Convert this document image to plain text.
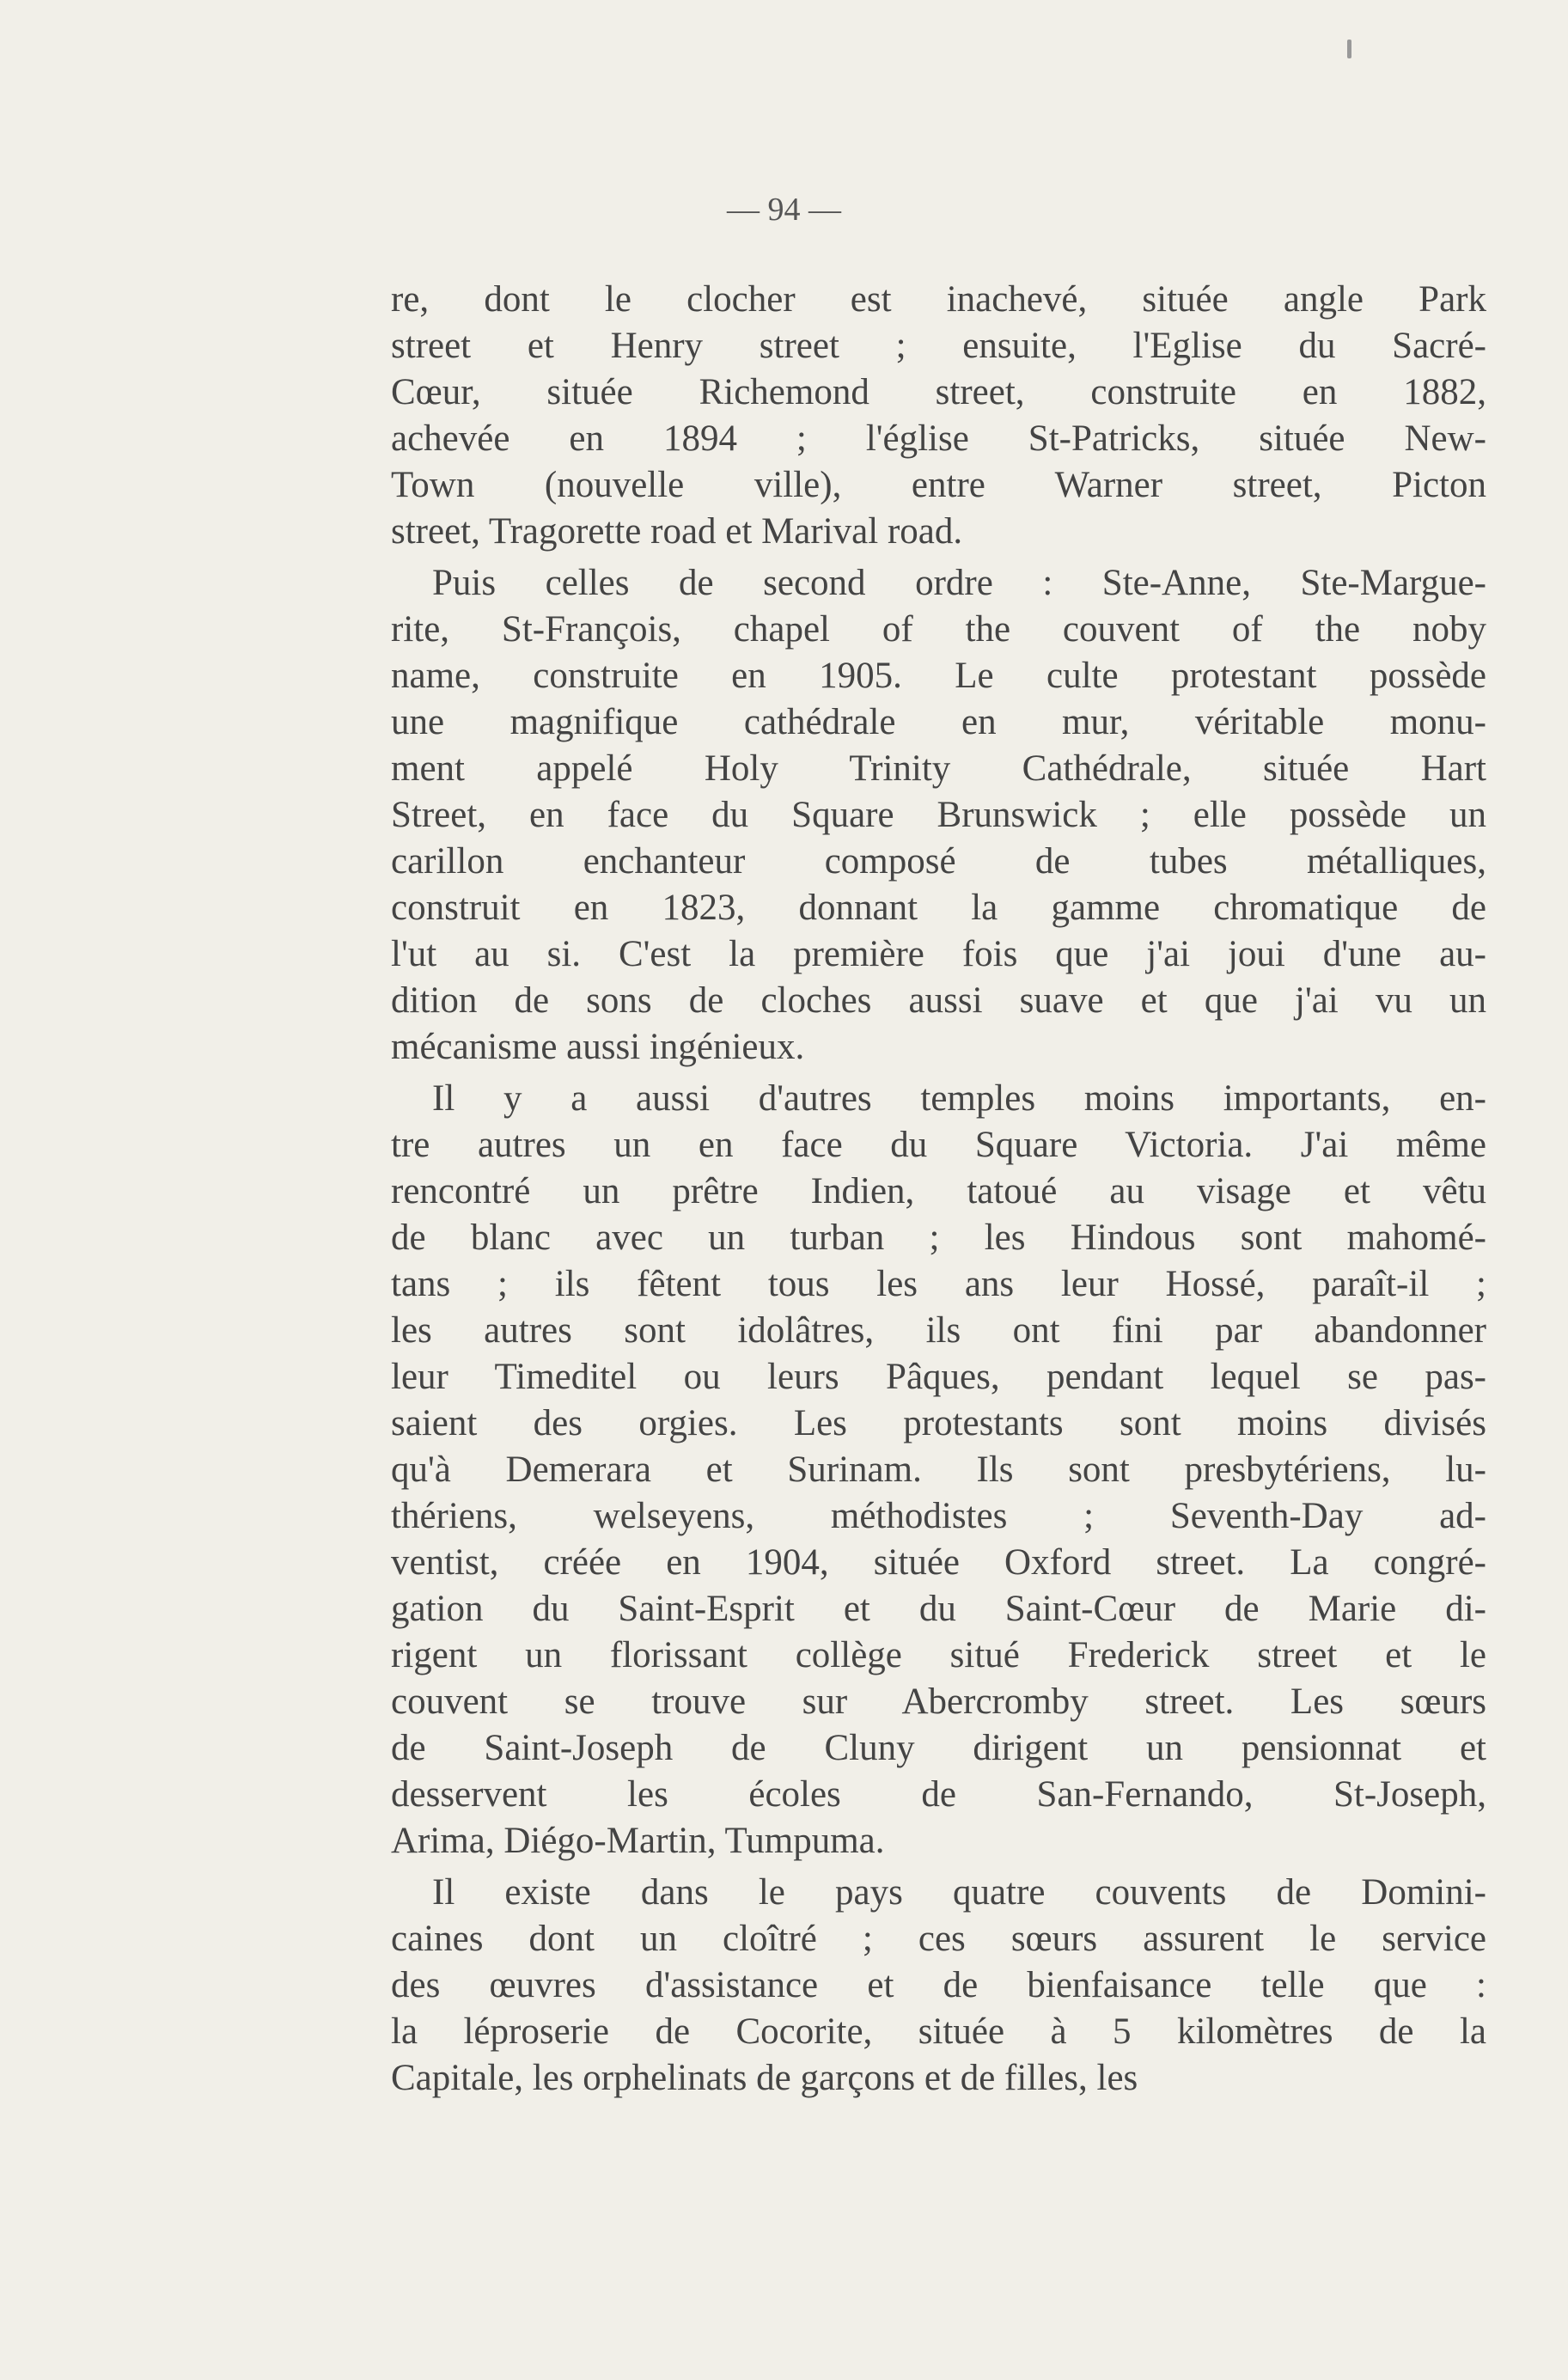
— 94 —
re, dont le clocher est inachevé, située angle Park
street et Henry street ; ensuite, l'Eglise du Sacré-
Cœur, située Richemond street, construite en 1882,
achevée en 1894 ; l'église St-Patricks, située New-
Town (nouvelle ville), entre Warner street, Picton
street, Tragorette road et Marival road.
Puis celles de second ordre : Ste-Anne, Ste-Margue-
rite, St-François, chapel of the couvent of the noby
name, construite en 1905. Le culte protestant possède
une magnifique cathédrale en mur, véritable monu-
ment appelé Holy Trinity Cathédrale, située Hart
Street, en face du Square Brunswick ; elle possède un
carillon enchanteur composé de tubes métalliques,
construit en 1823, donnant la gamme chromatique de
l'ut au si. C'est la première fois que j'ai joui d'une au-
dition de sons de cloches aussi suave et que j'ai vu un
mécanisme aussi ingénieux.
Il y a aussi d'autres temples moins importants, en-
tre autres un en face du Square Victoria. J'ai même
rencontré un prêtre Indien, tatoué au visage et vêtu
de blanc avec un turban ; les Hindous sont mahomé-
tans ; ils fêtent tous les ans leur Hossé, paraît-il ;
les autres sont idolâtres, ils ont fini par abandonner
leur Timeditel ou leurs Pâques, pendant lequel se pas-
saient des orgies. Les protestants sont moins divisés
qu'à Demerara et Surinam. Ils sont presbytériens, lu-
thériens, welseyens, méthodistes ; Seventh-Day ad-
ventist, créée en 1904, située Oxford street. La congré-
gation du Saint-Esprit et du Saint-Cœur de Marie di-
rigent un florissant collège situé Frederick street et le
couvent se trouve sur Abercromby street. Les sœurs
de Saint-Joseph de Cluny dirigent un pensionnat et
desservent les écoles de San-Fernando, St-Joseph,
Arima, Diégo-Martin, Tumpuma.
Il existe dans le pays quatre couvents de Domini-
caines dont un cloîtré ; ces sœurs assurent le service
des œuvres d'assistance et de bienfaisance telle que :
la léproserie de Cocorite, située à 5 kilomètres de la
Capitale, les orphelinats de garçons et de filles, les
